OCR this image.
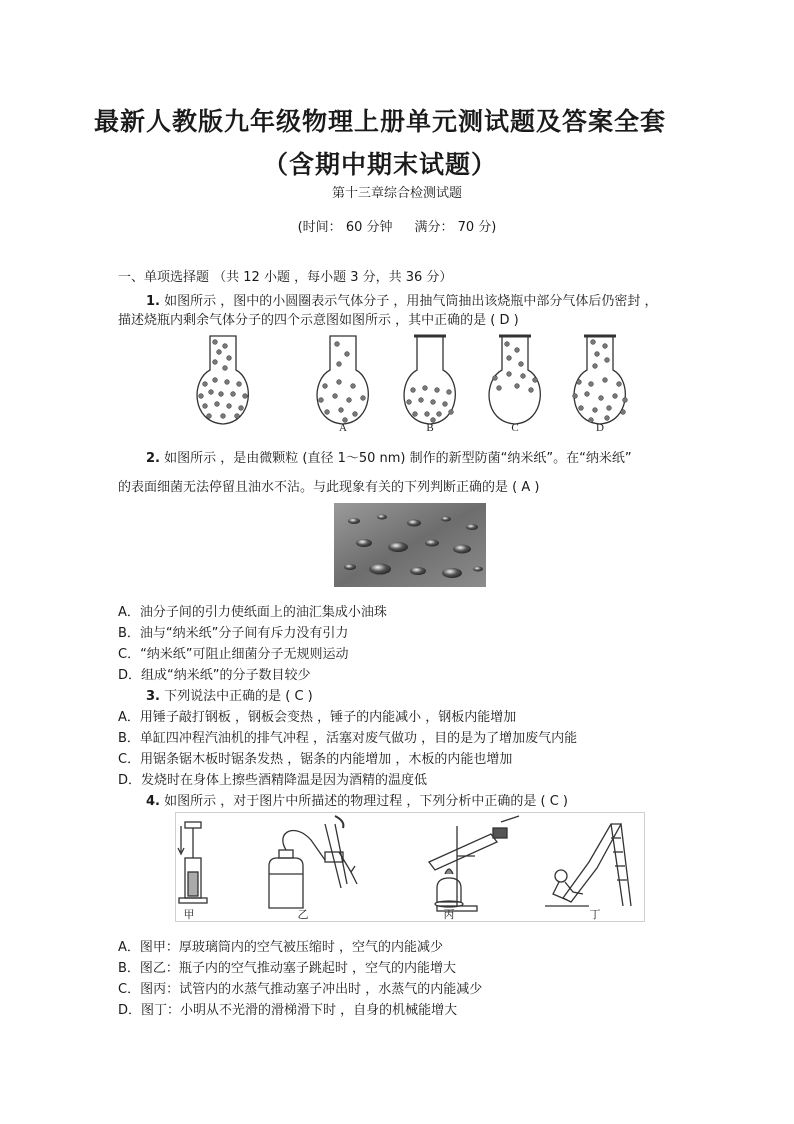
最新人教版九年级物理上册单元测试题及答案全套
（含期中期末试题）
第十三章综合检测试题
(时间： 60 分钟 满分： 70 分)
一、单项选择题 （共 12 小题 ，每小题 3 分，共 36 分）
1. 如图所示 ，图中的小圆圈表示气体分子 ，用抽气筒抽出该烧瓶中部分气体后仍密封 ，
描述烧瓶内剩余气体分子的四个示意图如图所示 ，其中正确的是 ( D )
A	B	C	D
2. 如图所示 ，是由微颗粒 (直径 1～50 nm) 制作的新型防菌“纳米纸”。在“纳米纸”
的表面细菌无法停留且油水不沾。与此现象有关的下列判断正确的是 ( A )
A．油分子间的引力使纸面上的油汇集成小油珠
B．油与“纳米纸”分子间有斥力没有引力
C．“纳米纸”可阻止细菌分子无规则运动
D．组成“纳米纸”的分子数目较少
3. 下列说法中正确的是 ( C )
A．用锤子敲打钢板 ，钢板会变热 ，锤子的内能减小 ，钢板内能增加
B．单缸四冲程汽油机的排气冲程 ，活塞对废气做功 ，目的是为了增加废气内能
C．用锯条锯木板时锯条发热 ，锯条的内能增加 ，木板的内能也增加
D．发烧时在身体上擦些酒精降温是因为酒精的温度低
4. 如图所示 ，对于图片中所描述的物理过程 ，下列分析中正确的是 ( C )
甲	乙	丙	丁
A．图甲：厚玻璃筒内的空气被压缩时 ，空气的内能减少
B．图乙：瓶子内的空气推动塞子跳起时 ，空气的内能增大
C．图丙：试管内的水蒸气推动塞子冲出时 ，水蒸气的内能减少
D．图丁：小明从不光滑的滑梯滑下时 ，自身的机械能增大
